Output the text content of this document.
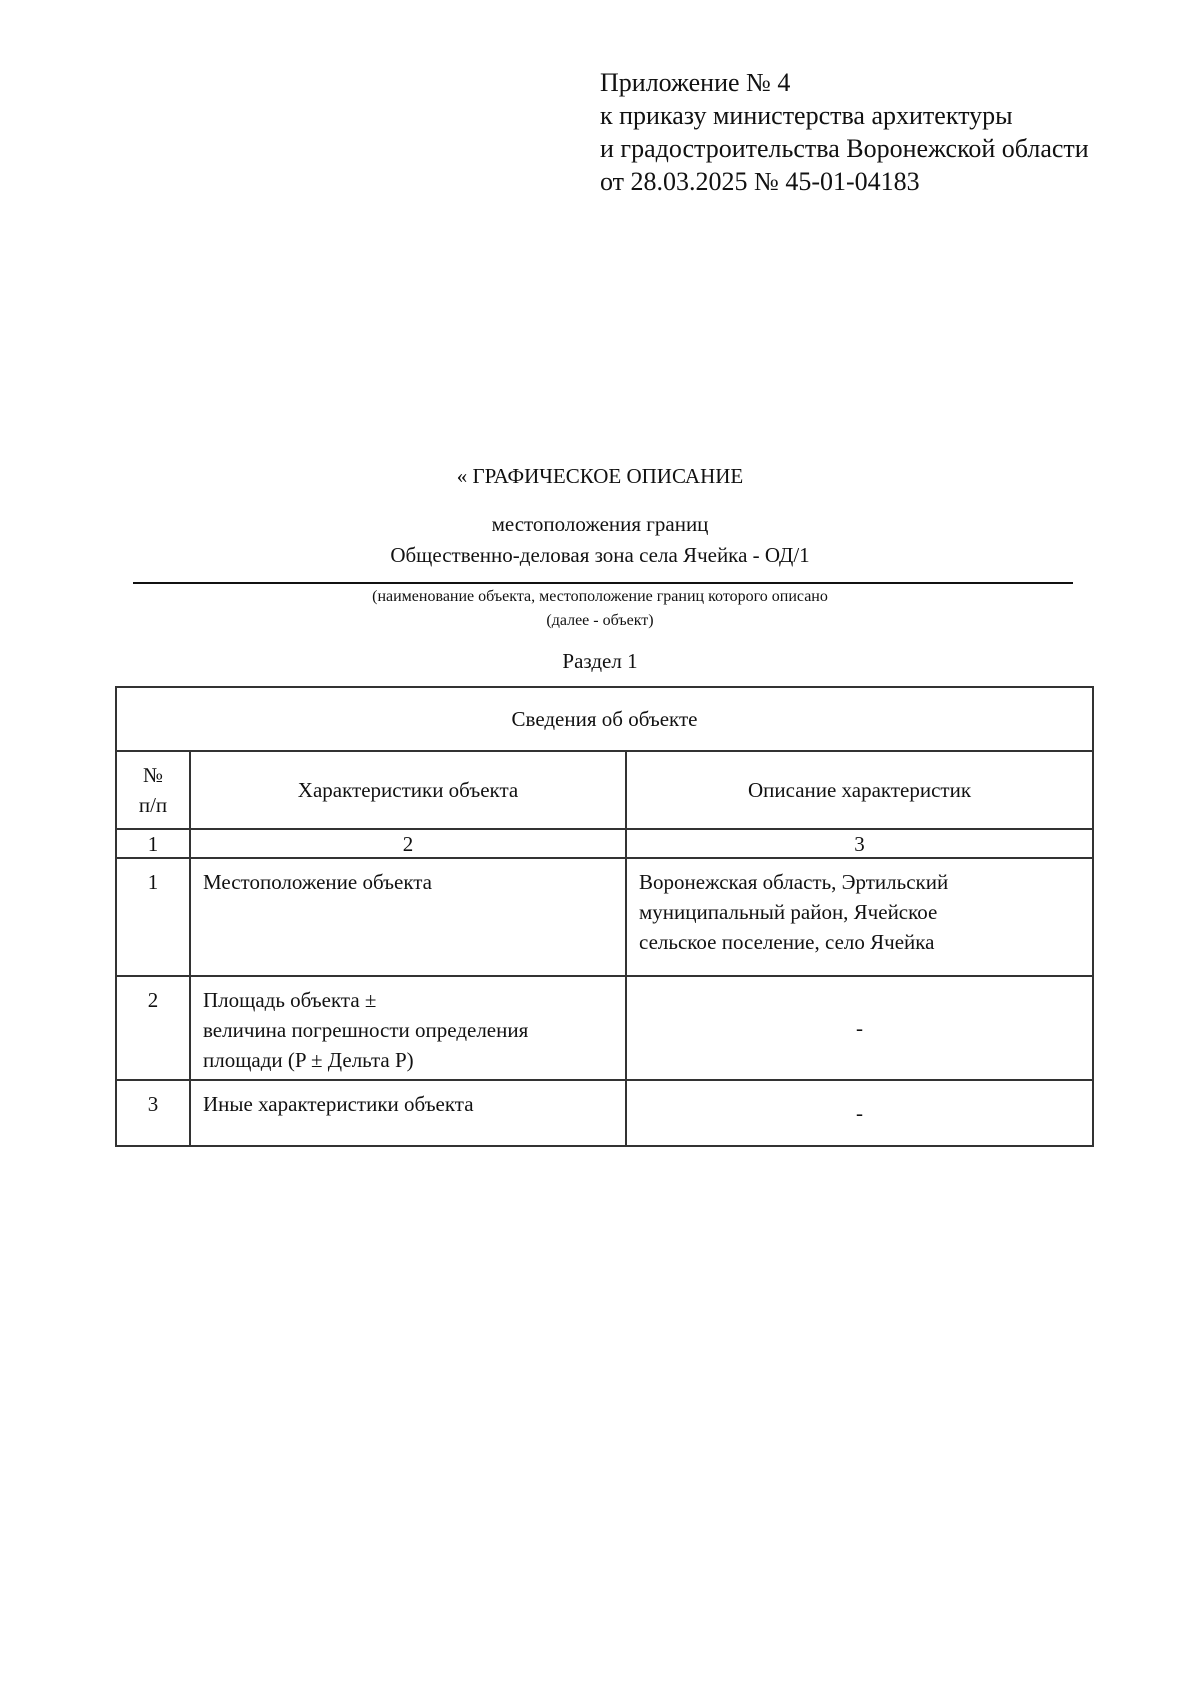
Приложение № 4
к приказу министерства архитектуры
и градостроительства Воронежской области
от 28.03.2025 № 45-01-04183
« ГРАФИЧЕСКОЕ ОПИСАНИЕ
местоположения границ
Общественно-деловая зона села Ячейка - ОД/1
(наименование объекта, местоположение границ которого описано
(далее - объект)
Раздел 1
Сведения об объекте		

№
п/п	Характеристики объекта	Описание характеристик
1	2	3
1	Местоположение объекта	Воронежская область, Эртильский
муниципальный район, Ячейское
сельское поселение, село Ячейка

2	Площадь объекта ±
величина погрешности определения
площади (P ± Дельта P)	-
3	Иные характеристики объекта	-
